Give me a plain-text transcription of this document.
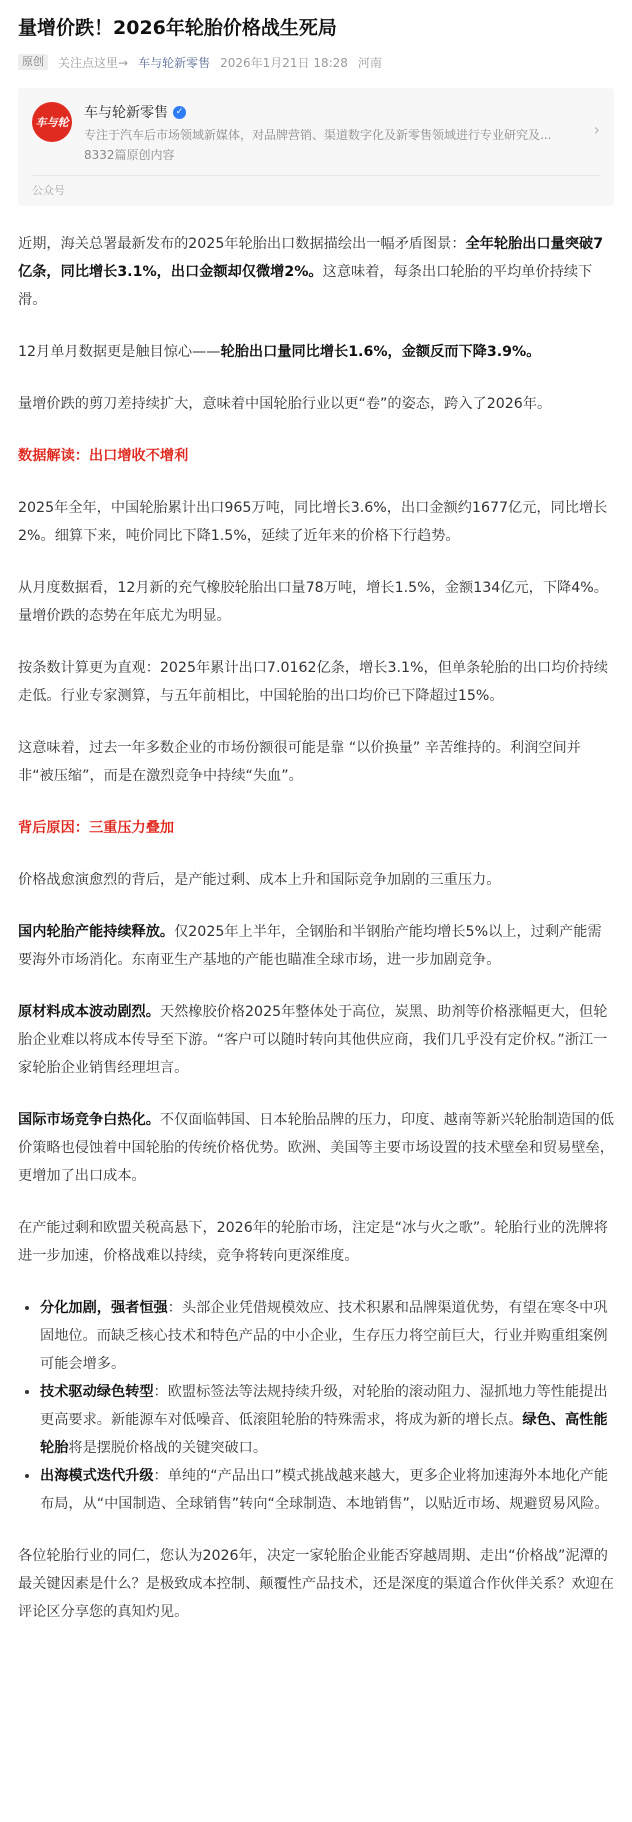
量增价跌！2026年轮胎价格战生死局
原创	关注点这里→ 车与轮新零售 2026年1月21日 18:28 河南
车与轮
车与轮新零售 ✓
专注于汽车后市场领域新媒体，对品牌营销、渠道数字化及新零售领域进行专业研究及...
8332篇原创内容
›
公众号

近期，海关总署最新发布的2025年轮胎出口数据描绘出一幅矛盾图景：全年轮胎出口量突破7亿条，同比增长3.1%，出口金额却仅微增2%。这意味着，每条出口轮胎的平均单价持续下滑。

12月单月数据更是触目惊心——轮胎出口量同比增长1.6%，金额反而下降3.9%。

量增价跌的剪刀差持续扩大，意味着中国轮胎行业以更“卷”的姿态，跨入了2026年。

数据解读：出口增收不增利

2025年全年，中国轮胎累计出口965万吨，同比增长3.6%，出口金额约1677亿元，同比增长2%。细算下来，吨价同比下降1.5%，延续了近年来的价格下行趋势。

从月度数据看，12月新的充气橡胶轮胎出口量78万吨，增长1.5%，金额134亿元，下降4%。量增价跌的态势在年底尤为明显。

按条数计算更为直观：2025年累计出口7.0162亿条，增长3.1%，但单条轮胎的出口均价持续走低。行业专家测算，与五年前相比，中国轮胎的出口均价已下降超过15%。

这意味着，过去一年多数企业的市场份额很可能是靠 “以价换量” 辛苦维持的。利润空间并非“被压缩”，而是在激烈竞争中持续“失血”。

背后原因：三重压力叠加

价格战愈演愈烈的背后，是产能过剩、成本上升和国际竞争加剧的三重压力。

国内轮胎产能持续释放。仅2025年上半年，全钢胎和半钢胎产能均增长5%以上，过剩产能需要海外市场消化。东南亚生产基地的产能也瞄准全球市场，进一步加剧竞争。

原材料成本波动剧烈。天然橡胶价格2025年整体处于高位，炭黑、助剂等价格涨幅更大，但轮胎企业难以将成本传导至下游。“客户可以随时转向其他供应商，我们几乎没有定价权。”浙江一家轮胎企业销售经理坦言。

国际市场竞争白热化。不仅面临韩国、日本轮胎品牌的压力，印度、越南等新兴轮胎制造国的低价策略也侵蚀着中国轮胎的传统价格优势。欧洲、美国等主要市场设置的技术壁垒和贸易壁垒，更增加了出口成本。

在产能过剩和欧盟关税高悬下，2026年的轮胎市场，注定是“冰与火之歌”。轮胎行业的洗牌将进一步加速，价格战难以持续，竞争将转向更深维度。

• 分化加剧，强者恒强：头部企业凭借规模效应、技术积累和品牌渠道优势，有望在寒冬中巩固地位。而缺乏核心技术和特色产品的中小企业，生存压力将空前巨大，行业并购重组案例可能会增多。
• 技术驱动绿色转型：欧盟标签法等法规持续升级，对轮胎的滚动阻力、湿抓地力等性能提出更高要求。新能源车对低噪音、低滚阻轮胎的特殊需求，将成为新的增长点。绿色、高性能轮胎将是摆脱价格战的关键突破口。
• 出海模式迭代升级：单纯的“产品出口”模式挑战越来越大，更多企业将加速海外本地化产能布局，从“中国制造、全球销售”转向“全球制造、本地销售”，以贴近市场、规避贸易风险。

各位轮胎行业的同仁，您认为2026年，决定一家轮胎企业能否穿越周期、走出“价格战”泥潭的最关键因素是什么？是极致成本控制、颠覆性产品技术，还是深度的渠道合作伙伴关系？欢迎在评论区分享您的真知灼见。
